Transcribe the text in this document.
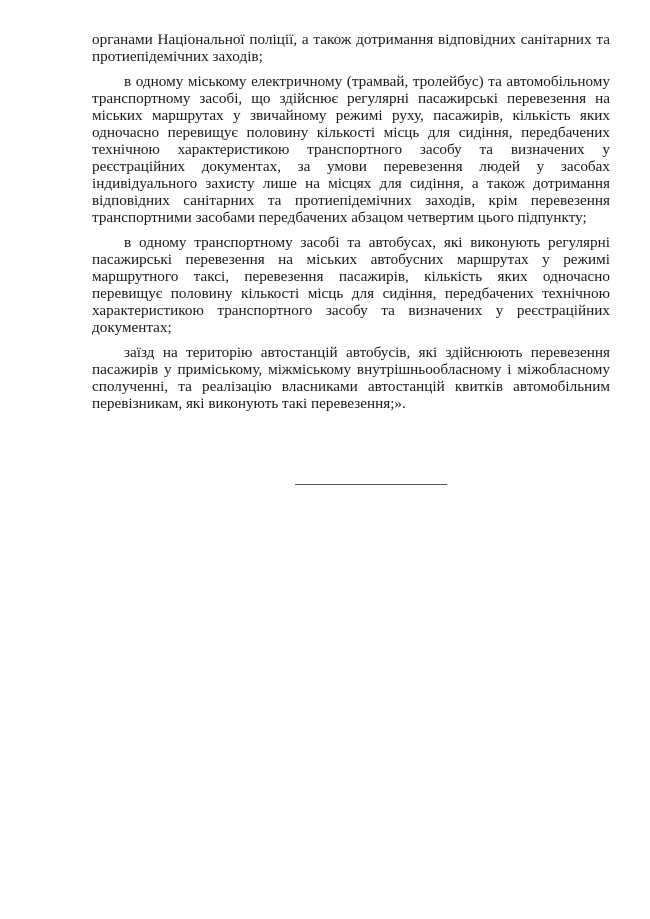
органами Національної поліції, а також дотримання відповідних санітарних та протиепідемічних заходів;

в одному міському електричному (трамвай, тролейбус) та автомобільному транспортному засобі, що здійснює регулярні пасажирські перевезення на міських маршрутах у звичайному режимі руху, пасажирів, кількість яких одночасно перевищує половину кількості місць для сидіння, передбачених технічною характеристикою транспортного засобу та визначених у реєстраційних документах, за умови перевезення людей у засобах індивідуального захисту лише на місцях для сидіння, а також дотримання відповідних санітарних та протиепідемічних заходів, крім перевезення транспортними засобами передбачених абзацом четвертим цього підпункту;

в одному транспортному засобі та автобусах, які виконують регулярні пасажирські перевезення на міських автобусних маршрутах у режимі маршрутного таксі, перевезення пасажирів, кількість яких одночасно перевищує половину кількості місць для сидіння, передбачених технічною характеристикою транспортного засобу та визначених у реєстраційних документах;

заїзд на територію автостанцій автобусів, які здійснюють перевезення пасажирів у приміському, міжміському внутрішньообласному і міжобласному сполученні, та реалізацію власниками автостанцій квитків автомобільним перевізникам, які виконують такі перевезення;».
